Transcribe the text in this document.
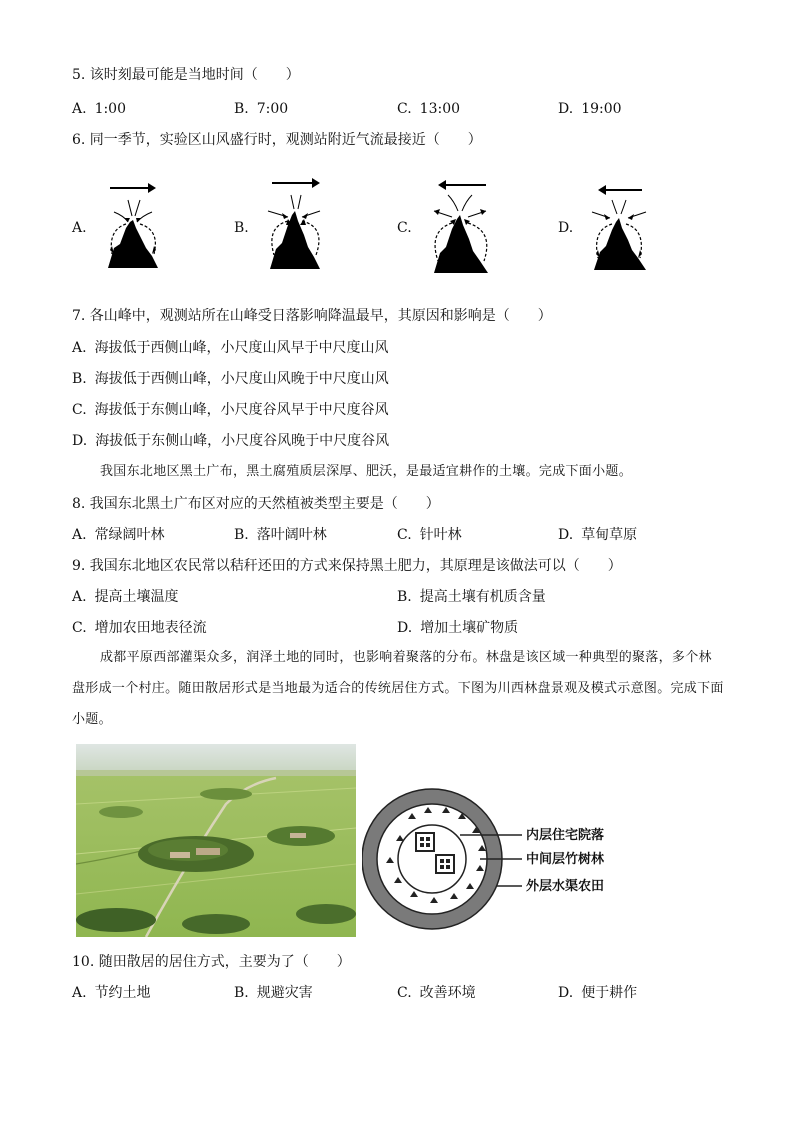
5. 该时刻最可能是当地时间（　　）
A. 1:00	B. 7:00	C. 13:00	D. 19:00
6. 同一季节，实验区山风盛行时，观测站附近气流最接近（　　）
A.	B.	C.	D.
7. 各山峰中，观测站所在山峰受日落影响降温最早，其原因和影响是（　　）
A. 海拔低于西侧山峰，小尺度山风早于中尺度山风
B. 海拔低于西侧山峰，小尺度山风晚于中尺度山风
C. 海拔低于东侧山峰，小尺度谷风早于中尺度谷风
D. 海拔低于东侧山峰，小尺度谷风晚于中尺度谷风
我国东北地区黑土广布，黑土腐殖质层深厚、肥沃，是最适宜耕作的土壤。完成下面小题。
8. 我国东北黑土广布区对应的天然植被类型主要是（　　）
A. 常绿阔叶林	B. 落叶阔叶林	C. 针叶林	D. 草甸草原
9. 我国东北地区农民常以秸秆还田的方式来保持黑土肥力，其原理是该做法可以（　　）
A. 提高土壤温度	B. 提高土壤有机质含量
C. 增加农田地表径流	D. 增加土壤矿物质
成都平原西部灌渠众多，润泽土地的同时，也影响着聚落的分布。林盘是该区域一种典型的聚落，多个林盘形成一个村庄。随田散居形式是当地最为适合的传统居住方式。下图为川西林盘景观及模式示意图。完成下面小题。
内层住宅院落
中间层竹树林
外层水渠农田
10. 随田散居的居住方式，主要为了（　　）
A. 节约土地	B. 规避灾害	C. 改善环境	D. 便于耕作
